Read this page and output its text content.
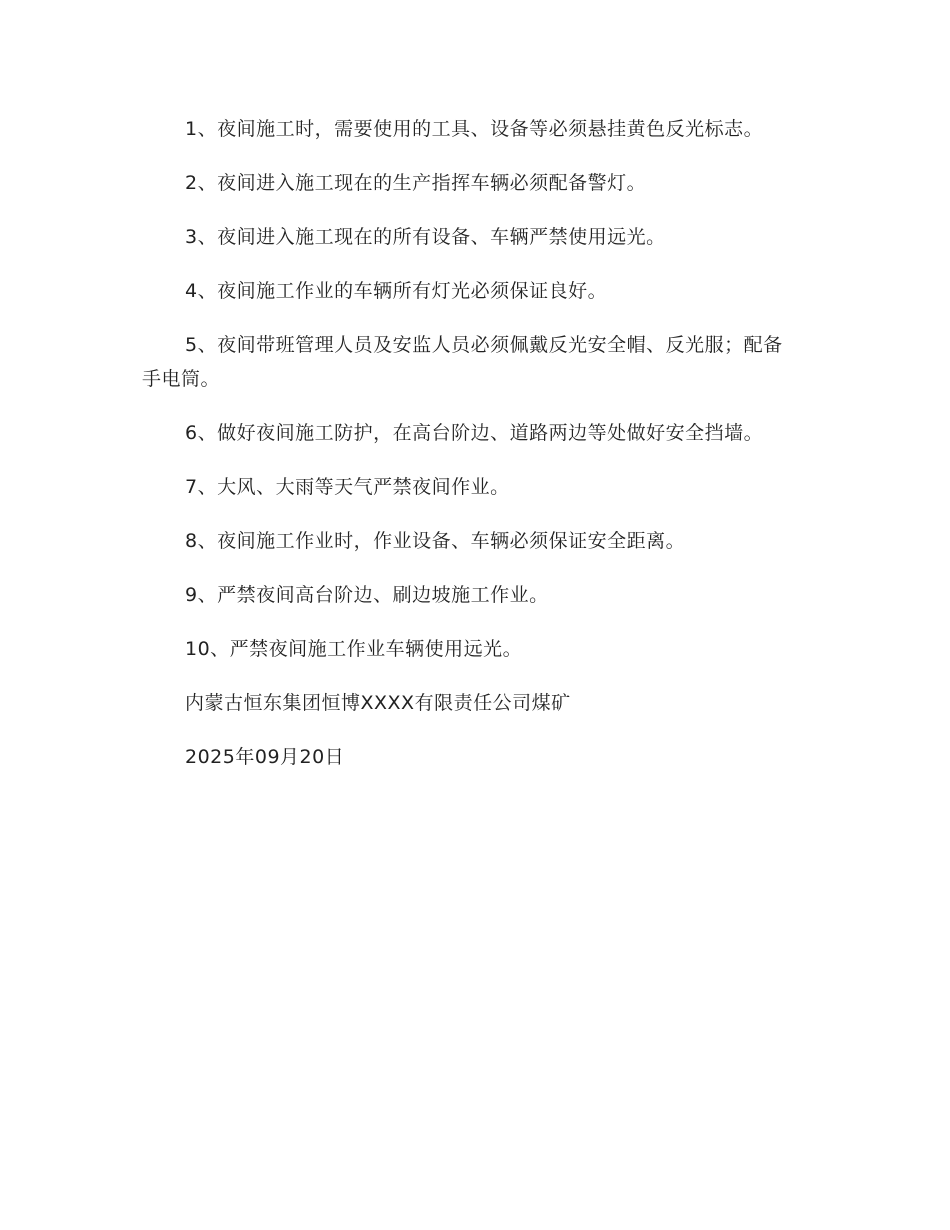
1、夜间施工时，需要使用的工具、设备等必须悬挂黄色反光标志。

2、夜间进入施工现在的生产指挥车辆必须配备警灯。

3、夜间进入施工现在的所有设备、车辆严禁使用远光。

4、夜间施工作业的车辆所有灯光必须保证良好。

5、夜间带班管理人员及安监人员必须佩戴反光安全帽、反光服；配备手电筒。

6、做好夜间施工防护，在高台阶边、道路两边等处做好安全挡墙。

7、大风、大雨等天气严禁夜间作业。

8、夜间施工作业时，作业设备、车辆必须保证安全距离。

9、严禁夜间高台阶边、刷边坡施工作业。

10、严禁夜间施工作业车辆使用远光。

内蒙古恒东集团恒博XXXX有限责任公司煤矿

2025年09月20日
